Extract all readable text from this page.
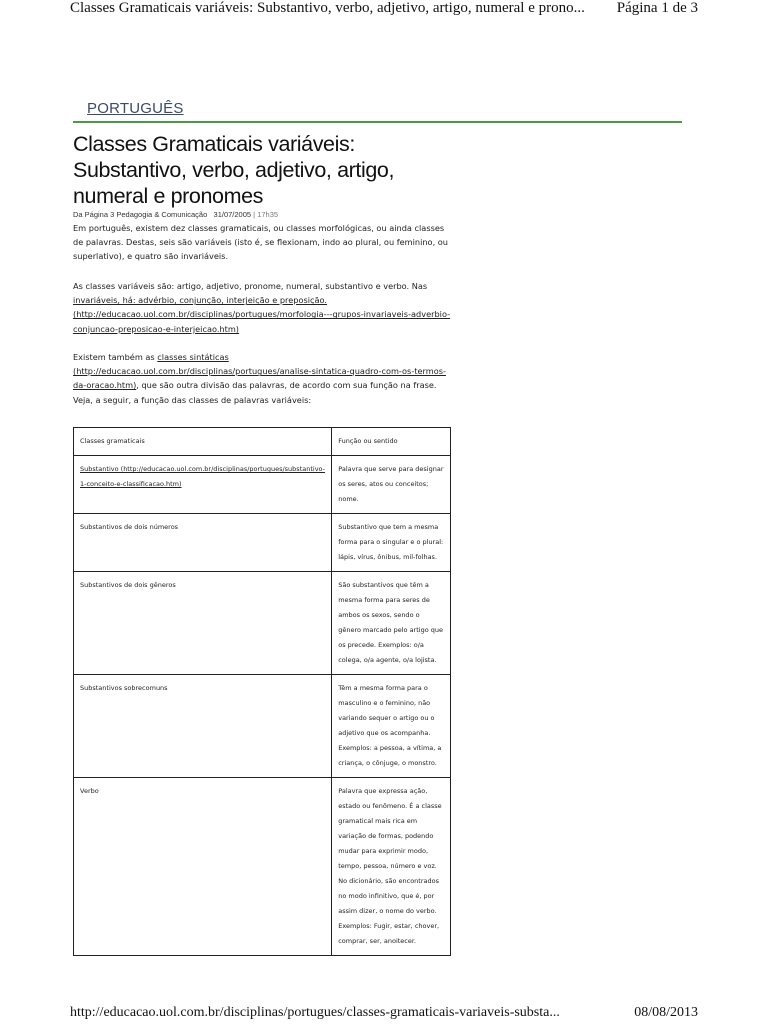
Classes Gramaticais variáveis: Substantivo, verbo, adjetivo, artigo, numeral e prono... Página 1 de 3
PORTUGUÊS
Classes Gramaticais variáveis: Substantivo, verbo, adjetivo, artigo, numeral e pronomes
Da Página 3 Pedagogia & Comunicação 31/07/2005 | 17h35

Em português, existem dez classes gramaticais, ou classes morfológicas, ou ainda classes de palavras. Destas, seis são variáveis (isto é, se flexionam, indo ao plural, ou feminino, ou superlativo), e quatro são invariáveis.

As classes variáveis são: artigo, adjetivo, pronome, numeral, substantivo e verbo. Nas invariáveis, há: advérbio, conjunção, interjeição e preposição. (http://educacao.uol.com.br/disciplinas/portugues/morfologia---grupos-invariaveis-adverbio-conjuncao-preposicao-e-interjeicao.htm)

Existem também as classes sintáticas (http://educacao.uol.com.br/disciplinas/portugues/analise-sintatica-quadro-com-os-termos-da-oracao.htm), que são outra divisão das palavras, de acordo com sua função na frase. Veja, a seguir, a função das classes de palavras variáveis:

Classes gramaticais	Função ou sentido
Substantivo (http://educacao.uol.com.br/disciplinas/portugues/substantivo-1-conceito-e-classificacao.htm)	Palavra que serve para designar os seres, atos ou conceitos; nome.
Substantivos de dois números	Substantivo que tem a mesma forma para o singular e o plural: lápis, vírus, ônibus, mil-folhas.
Substantivos de dois gêneros	São substantivos que têm a mesma forma para seres de ambos os sexos, sendo o gênero marcado pelo artigo que os precede. Exemplos: o/a colega, o/a agente, o/a lojista.
Substantivos sobrecomuns	Têm a mesma forma para o masculino e o feminino, não variando sequer o artigo ou o adjetivo que os acompanha. Exemplos: a pessoa, a vítima, a criança, o cônjuge, o monstro.
Verbo	Palavra que expressa ação, estado ou fenômeno. É a classe gramatical mais rica em variação de formas, podendo mudar para exprimir modo, tempo, pessoa, número e voz. No dicionário, são encontrados no modo infinitivo, que é, por assim dizer, o nome do verbo. Exemplos: Fugir, estar, chover, comprar, ser, anoitecer.
http://educacao.uol.com.br/disciplinas/portugues/classes-gramaticais-variaveis-substa...	08/08/2013
